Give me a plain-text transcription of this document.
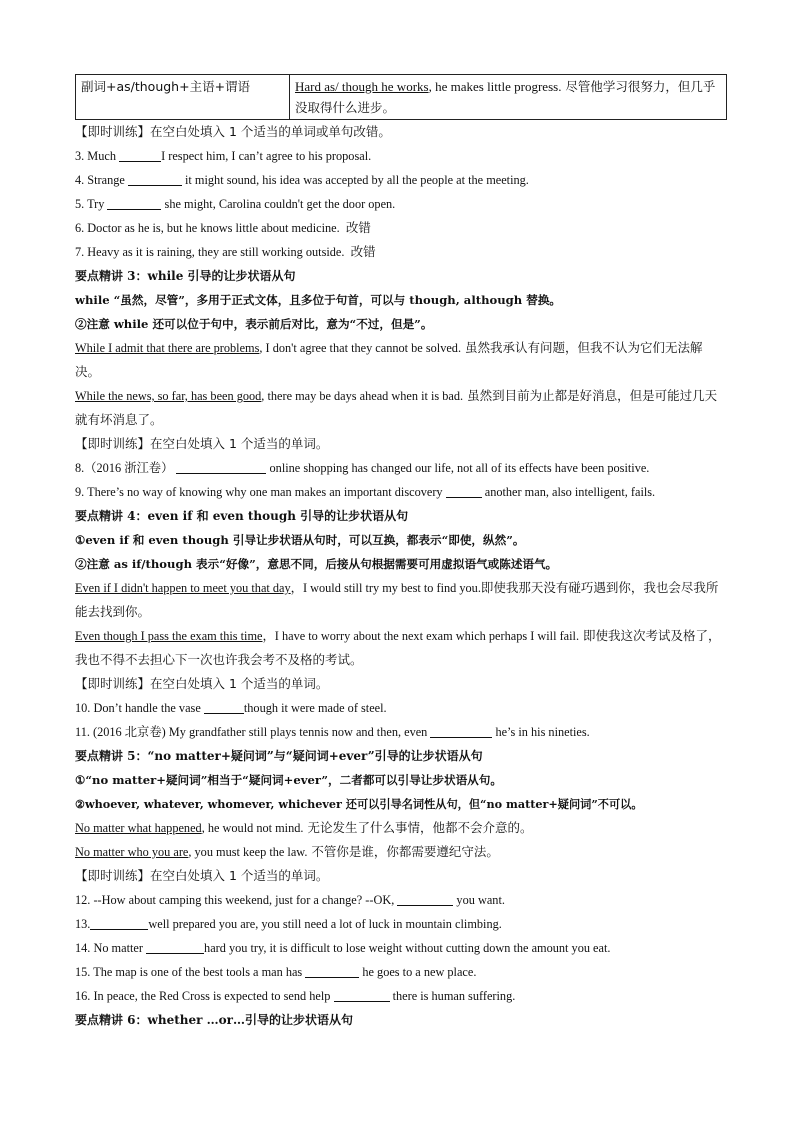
副词+as/though+主语+谓语	Hard as/ though he works, he makes little progress. 尽管他学习很努力，但几乎没取得什么进步。
【即时训练】在空白处填入 1 个适当的单词或单句改错。
3. Much	I respect him, I can’t agree to his proposal.
4. Strange	it might sound, his idea was accepted by all the people at the meeting.
5. Try	she might, Carolina couldn't get the door open.
6. Doctor as he is, but he knows little about medicine. 改错
7. Heavy as it is raining, they are still working outside. 改错
要点精讲 3：while 引导的让步状语从句
while “虽然，尽管”，多用于正式文体，且多位于句首，可以与 though, although 替换。
②注意 while 还可以位于句中，表示前后对比，意为“不过，但是”。
While I admit that there are problems, I don't agree that they cannot be solved. 虽然我承认有问题，但我不认为它们无法解决。
While the news, so far, has been good, there may be days ahead when it is bad. 虽然到目前为止都是好消息，但是可能过几天就有坏消息了。
【即时训练】在空白处填入 1 个适当的单词。
8.（2016 浙江卷）	online shopping has changed our life, not all of its effects have been positive.
9. There’s no way of knowing why one man makes an important discovery	another man, also intelligent, fails.
要点精讲 4：even if 和 even though 引导的让步状语从句
①even if 和 even though 引导让步状语从句时，可以互换，都表示“即使，纵然”。
②注意 as if/though 表示“好像”，意思不同，后接从句根据需要可用虚拟语气或陈述语气。
Even if I didn't happen to meet you that day，I would still try my best to find you.即使我那天没有碰巧遇到你，我也会尽我所能去找到你。
Even though I pass the exam this time，I have to worry about the next exam which perhaps I will fail. 即使我这次考试及格了，我也不得不去担心下一次也许我会考不及格的考试。
【即时训练】在空白处填入 1 个适当的单词。
10. Don’t handle the vase	though it were made of steel.
11. (2016 北京卷) My grandfather still plays tennis now and then, even	he’s in his nineties.
要点精讲 5：“no matter+疑问词”与“疑问词+ever”引导的让步状语从句
①“no matter+疑问词”相当于“疑问词+ever”，二者都可以引导让步状语从句。
②whoever, whatever, whomever, whichever 还可以引导名词性从句，但“no matter+疑问词”不可以。
No matter what happened, he would not mind. 无论发生了什么事情，他都不会介意的。
No matter who you are, you must keep the law. 不管你是谁，你都需要遵纪守法。
【即时训练】在空白处填入 1 个适当的单词。
12. --How about camping this weekend, just for a change? --OK,	you want.
13.	well prepared you are, you still need a lot of luck in mountain climbing.
14. No matter	hard you try, it is difficult to lose weight without cutting down the amount you eat.
15. The map is one of the best tools a man has	he goes to a new place.
16. In peace, the Red Cross is expected to send help	there is human suffering.
要点精讲 6：whether …or…引导的让步状语从句
